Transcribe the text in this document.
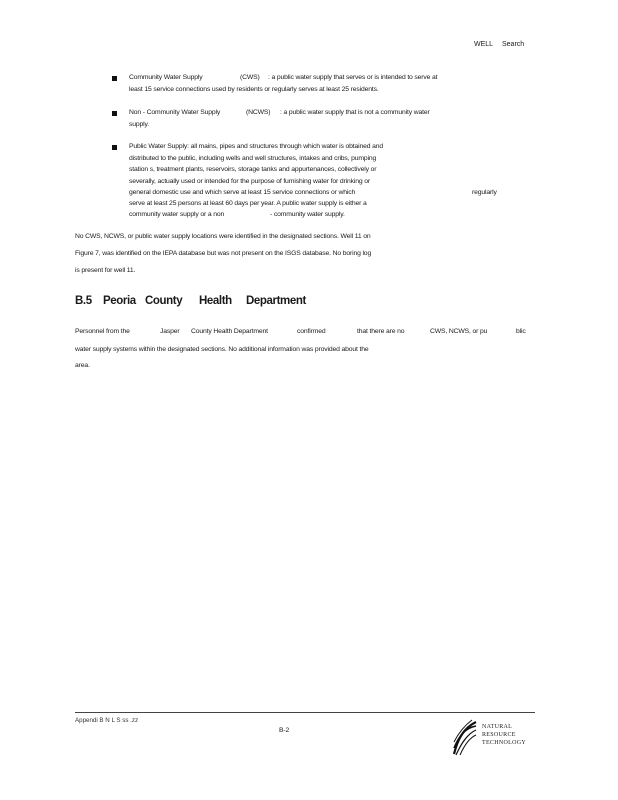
WELL Search
Community Water Supply	(CWS) : a public water supply that serves or is intended to serve at
least 15 service connections used by residents or regularly serves at least 25 residents.
Non - Community Water Supply	(NCWS) : a public water supply that is not a community water
supply.
Public Water Supply: all mains, pipes and structures through which water is obtained and
distributed to the public, including wells and well structures, intakes and cribs, pumping
station s, treatment plants, reservoirs, storage tanks and appurtenances, collectively or
severally, actually used or intended for the purpose of furnishing water for drinking or
general domestic use and which serve at least 15 service connections or which	regularly
serve at least 25 persons at least 60 days per year. A public water supply is either a
community water supply or a non	- community water supply.
No CWS, NCWS, or public water supply locations were identified in the designated sections. Well 11 on
Figure 7, was identified on the IEPA database but was not present on the ISGS database. No boring log
is present for well 11.
B.5 Peoria County Health Department
Personnel from the	Jasper County Health Department	confirmed	that there are no	CWS, NCWS, or pu	blic
water supply systems within the designated sections. No additional information was provided about the
area.
Appendi B N L S ss .zz
B-2	NATURAL
RESOURCE
TECHNOLOGY
